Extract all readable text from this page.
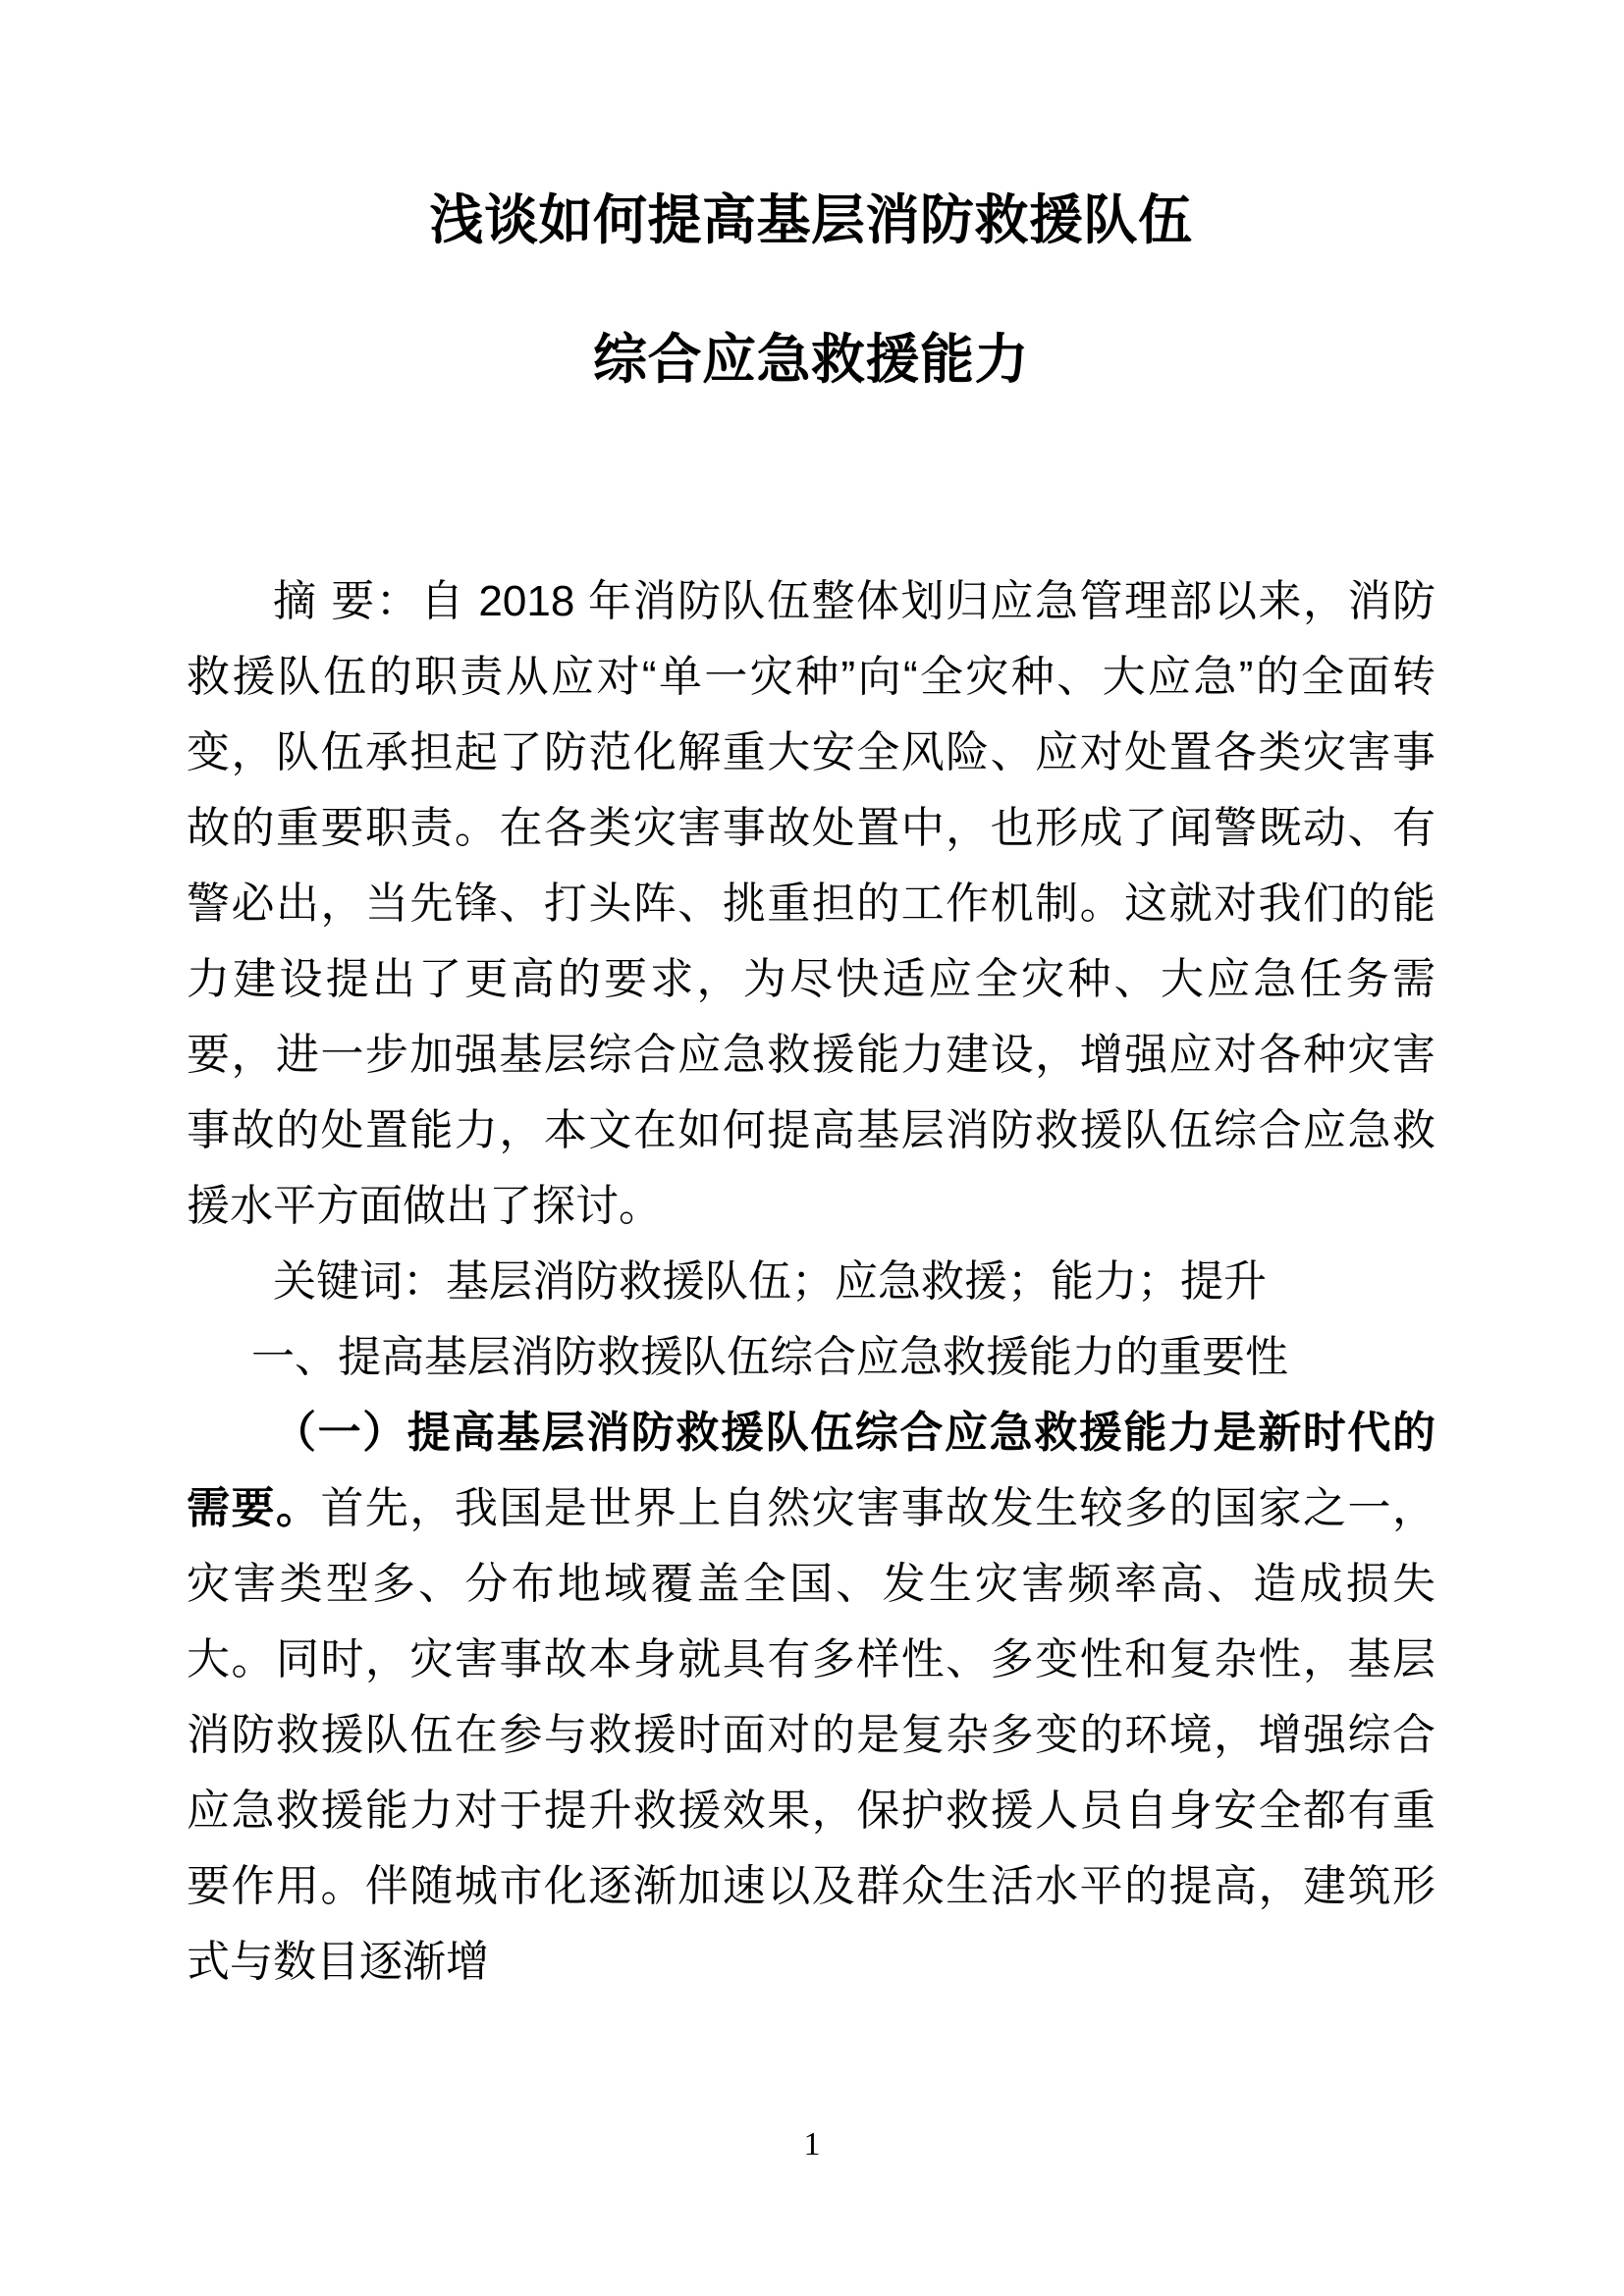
浅谈如何提高基层消防救援队伍
综合应急救援能力

摘 要：自 2018 年消防队伍整体划归应急管理部以来，消防救援队伍的职责从应对“单一灾种”向“全灾种、大应急”的全面转变，队伍承担起了防范化解重大安全风险、应对处置各类灾害事故的重要职责。在各类灾害事故处置中，也形成了闻警既动、有警必出，当先锋、打头阵、挑重担的工作机制。这就对我们的能力建设提出了更高的要求，为尽快适应全灾种、大应急任务需要，进一步加强基层综合应急救援能力建设，增强应对各种灾害事故的处置能力，本文在如何提高基层消防救援队伍综合应急救援水平方面做出了探讨。

关键词：基层消防救援队伍；应急救援；能力；提升

一、提高基层消防救援队伍综合应急救援能力的重要性

（一）提高基层消防救援队伍综合应急救援能力是新时代的需要。首先，我国是世界上自然灾害事故发生较多的国家之一，灾害类型多、分布地域覆盖全国、发生灾害频率高、造成损失大。同时，灾害事故本身就具有多样性、多变性和复杂性，基层消防救援队伍在参与救援时面对的是复杂多变的环境，增强综合应急救援能力对于提升救援效果，保护救援人员自身安全都有重要作用。伴随城市化逐渐加速以及群众生活水平的提高，建筑形式与数目逐渐增

1
